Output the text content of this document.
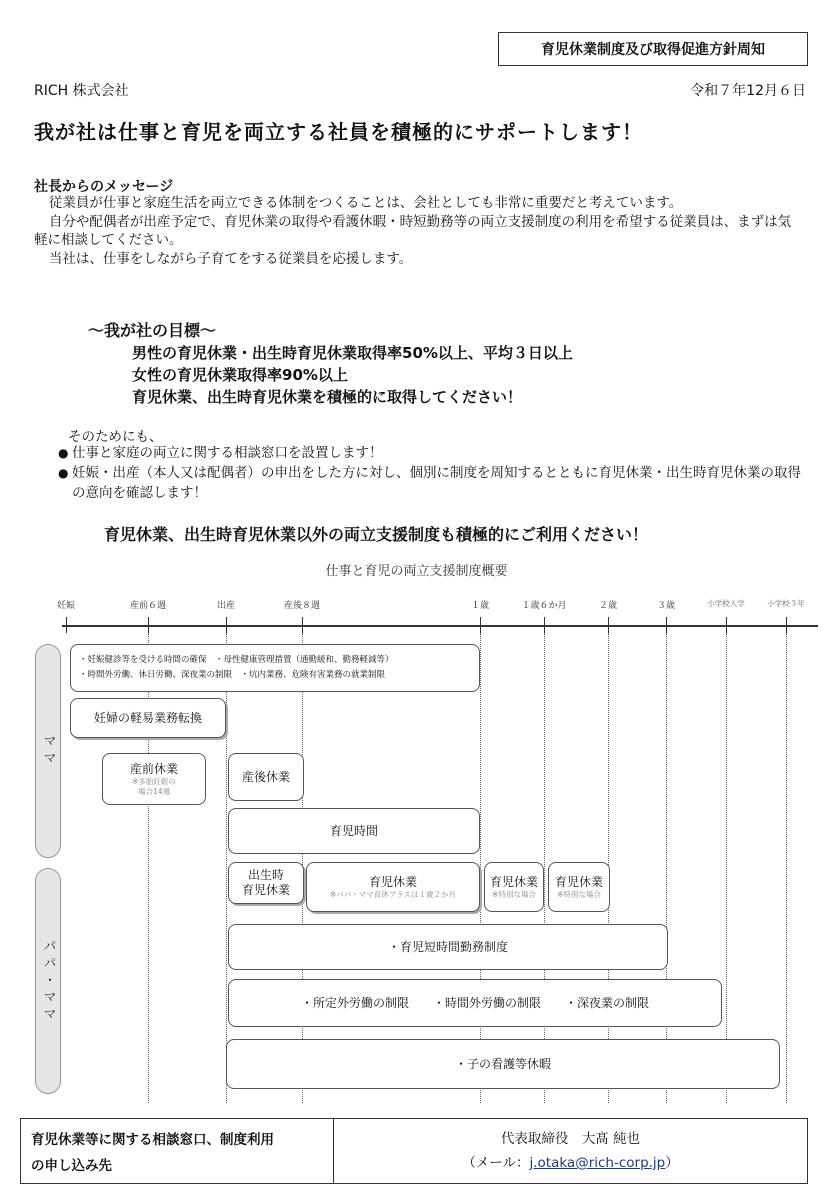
育児休業制度及び取得促進方針周知
RICH 株式会社	令和７年12月６日
我が社は仕事と育児を両立する社員を積極的にサポートします！
社長からのメッセージ

従業員が仕事と家庭生活を両立できる体制をつくることは、会社としても非常に重要だと考えています。

自分や配偶者が出産予定で、育児休業の取得や看護休暇・時短勤務等の両立支援制度の利用を希望する従業員は、まずは気軽に相談してください。

当社は、仕事をしながら子育てをする従業員を応援します。

～我が社の目標～
男性の育児休業・出生時育児休業取得率50%以上、平均３日以上
女性の育児休業取得率90%以上
育児休業、出生時育児休業を積極的に取得してください！
そのためにも、
● 仕事と家庭の両立に関する相談窓口を設置します！
● 妊娠・出産（本人又は配偶者）の申出をした方に対し、個別に制度を周知するとともに育児休業・出生時育児休業の取得の意向を確認します！
育児休業、出生時育児休業以外の両立支援制度も積極的にご利用ください！
仕事と育児の両立支援制度概要
妊娠	産前６週	出産	産後８週	１歳	１歳６か月	２歳	３歳	小学校入学	小学校３年
ママ
パパ・ママ
・妊娠健診等を受ける時間の確保　・母性健康管理措置（通勤緩和、勤務軽減等）
・時間外労働、休日労働、深夜業の制限　・坑内業務、危険有害業務の就業制限
妊婦の軽易業務転換
産前休業
※多胎妊娠の
場合14週
産後休業
育児時間
出生時
育児休業
育児休業
※パパ・ママ育休プラスは１歳２か月
育児休業
※特別な場合
育児休業
※特別な場合
・育児短時間勤務制度
・所定外労働の制限　　・時間外労働の制限　　・深夜業の制限
・子の看護等休暇
育児休業等に関する相談窓口、制度利用
の申し込み先
代表取締役　大髙 純也
（メール：j.otaka@rich-corp.jp）
